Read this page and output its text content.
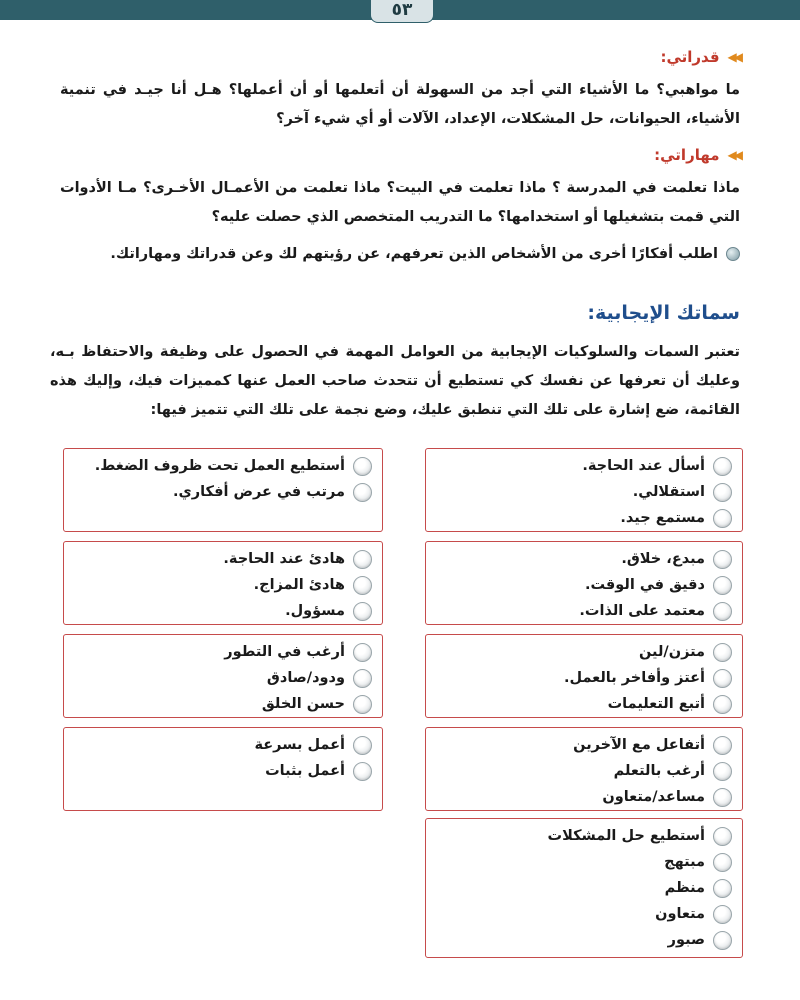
٥٣
◀◀
قدراتي:
ما مواهبي؟ ما الأشياء التي أجد من السهولة أن أتعلمها أو أن أعملها؟ هـل أنا جيـد في تنمية الأشياء، الحيوانات، حل المشكلات، الإعداد، الآلات أو أي شيء آخر؟
◀◀
مهاراتي:
ماذا تعلمت في المدرسة ؟ ماذا تعلمت في البيت؟ ماذا تعلمت من الأعمـال الأخـرى؟ مـا الأدوات التي قمت بتشغيلها أو استخدامها؟ ما التدريب المتخصص الذي حصلت عليه؟
اطلب أفكارًا أخرى من الأشخاص الذين تعرفهم، عن رؤيتهم لك وعن قدراتك ومهاراتك.
سماتك الإيجابية:
تعتبر السمات والسلوكيات الإيجابية من العوامل المهمة في الحصول على وظيفة والاحتفاظ بـه، وعليك أن تعرفها عن نفسك كي تستطيع أن تتحدث صاحب العمل عنها كمميزات فيك، وإليك هذه القائمة، ضع إشارة على تلك التي تنطبق عليك، وضع نجمة على تلك التي تتميز فيها:
أسأل عند الحاجة.
استقلالي.
مستمع جيد.
مبدع، خلاق.
دقيق في الوقت.
معتمد على الذات.
متزن/لين
أعتز وأفاخر بالعمل.
أتبع التعليمات
أتفاعل مع الآخرين
أرغب بالتعلم
مساعد/متعاون
أستطيع حل المشكلات
مبتهج
منظم
متعاون
صبور
أستطيع العمل تحت ظروف الضغط.
مرتب في عرض أفكاري.
هادئ عند الحاجة.
هادئ المزاج.
مسؤول.
أرغب في التطور
ودود/صادق
حسن الخلق
أعمل بسرعة
أعمل بثبات
